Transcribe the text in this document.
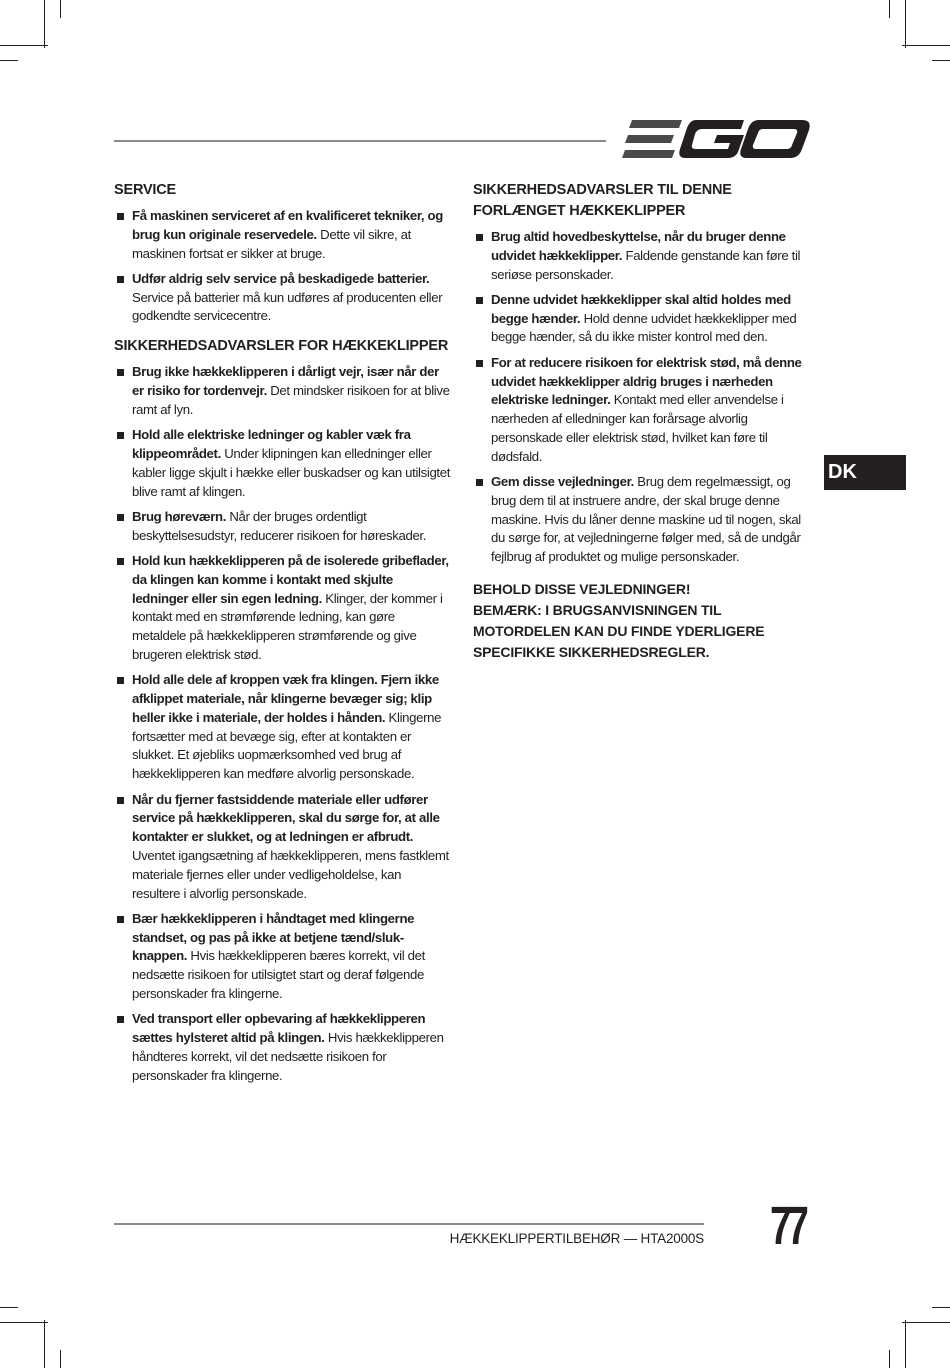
SERVICE
Få maskinen serviceret af en kvalificeret tekniker, og brug kun originale reservedele. Dette vil sikre, at maskinen fortsat er sikker at bruge.
Udfør aldrig selv service på beskadigede batterier. Service på batterier må kun udføres af producenten eller godkendte servicecentre.
SIKKERHEDSADVARSLER FOR HÆKKEKLIPPER
Brug ikke hækkeklipperen i dårligt vejr, især når der er risiko for tordenvejr. Det mindsker risikoen for at blive ramt af lyn.
Hold alle elektriske ledninger og kabler væk fra klippeområdet. Under klipningen kan elledninger eller kabler ligge skjult i hække eller buskadser og kan utilsigtet blive ramt af klingen.
Brug høreværn. Når der bruges ordentligt beskyttelsesudstyr, reducerer risikoen for høreskader.
Hold kun hækkeklipperen på de isolerede gribeflader, da klingen kan komme i kontakt med skjulte ledninger eller sin egen ledning. Klinger, der kommer i kontakt med en strømførende ledning, kan gøre metaldele på hækkeklipperen strømførende og give brugeren elektrisk stød.
Hold alle dele af kroppen væk fra klingen. Fjern ikke afklippet materiale, når klingerne bevæger sig; klip heller ikke i materiale, der holdes i hånden. Klingerne fortsætter med at bevæge sig, efter at kontakten er slukket. Et øjebliks uopmærksomhed ved brug af hækkeklipperen kan medføre alvorlig personskade.
Når du fjerner fastsiddende materiale eller udfører service på hækkeklipperen, skal du sørge for, at alle kontakter er slukket, og at ledningen er afbrudt. Uventet igangsætning af hækkeklipperen, mens fastklemt materiale fjernes eller under vedligeholdelse, kan resultere i alvorlig personskade.
Bær hækkeklipperen i håndtaget med klingerne standset, og pas på ikke at betjene tænd/sluk-knappen. Hvis hækkeklipperen bæres korrekt, vil det nedsætte risikoen for utilsigtet start og deraf følgende personskader fra klingerne.
Ved transport eller opbevaring af hækkeklipperen sættes hylsteret altid på klingen. Hvis hækkeklipperen håndteres korrekt, vil det nedsætte risikoen for personskader fra klingerne.
SIKKERHEDSADVARSLER TIL DENNE FORLÆNGET HÆKKEKLIPPER
Brug altid hovedbeskyttelse, når du bruger denne udvidet hækkeklipper. Faldende genstande kan føre til seriøse personskader.
Denne udvidet hækkeklipper skal altid holdes med begge hænder. Hold denne udvidet hækkeklipper med begge hænder, så du ikke mister kontrol med den.
For at reducere risikoen for elektrisk stød, må denne udvidet hækkeklipper aldrig bruges i nærheden elektriske ledninger. Kontakt med eller anvendelse i nærheden af elledninger kan forårsage alvorlig personskade eller elektrisk stød, hvilket kan føre til dødsfald.
Gem disse vejledninger. Brug dem regelmæssigt, og brug dem til at instruere andre, der skal bruge denne maskine. Hvis du låner denne maskine ud til nogen, skal du sørge for, at vejledningerne følger med, så de undgår fejlbrug af produktet og mulige personskader.
BEHOLD DISSE VEJLEDNINGER!
BEMÆRK: I BRUGSANVISNINGEN TIL MOTORDELEN KAN DU FINDE YDERLIGERE SPECIFIKKE SIKKERHEDSREGLER.
DK
HÆKKEKLIPPERTILBEHØR — HTA2000S 77
